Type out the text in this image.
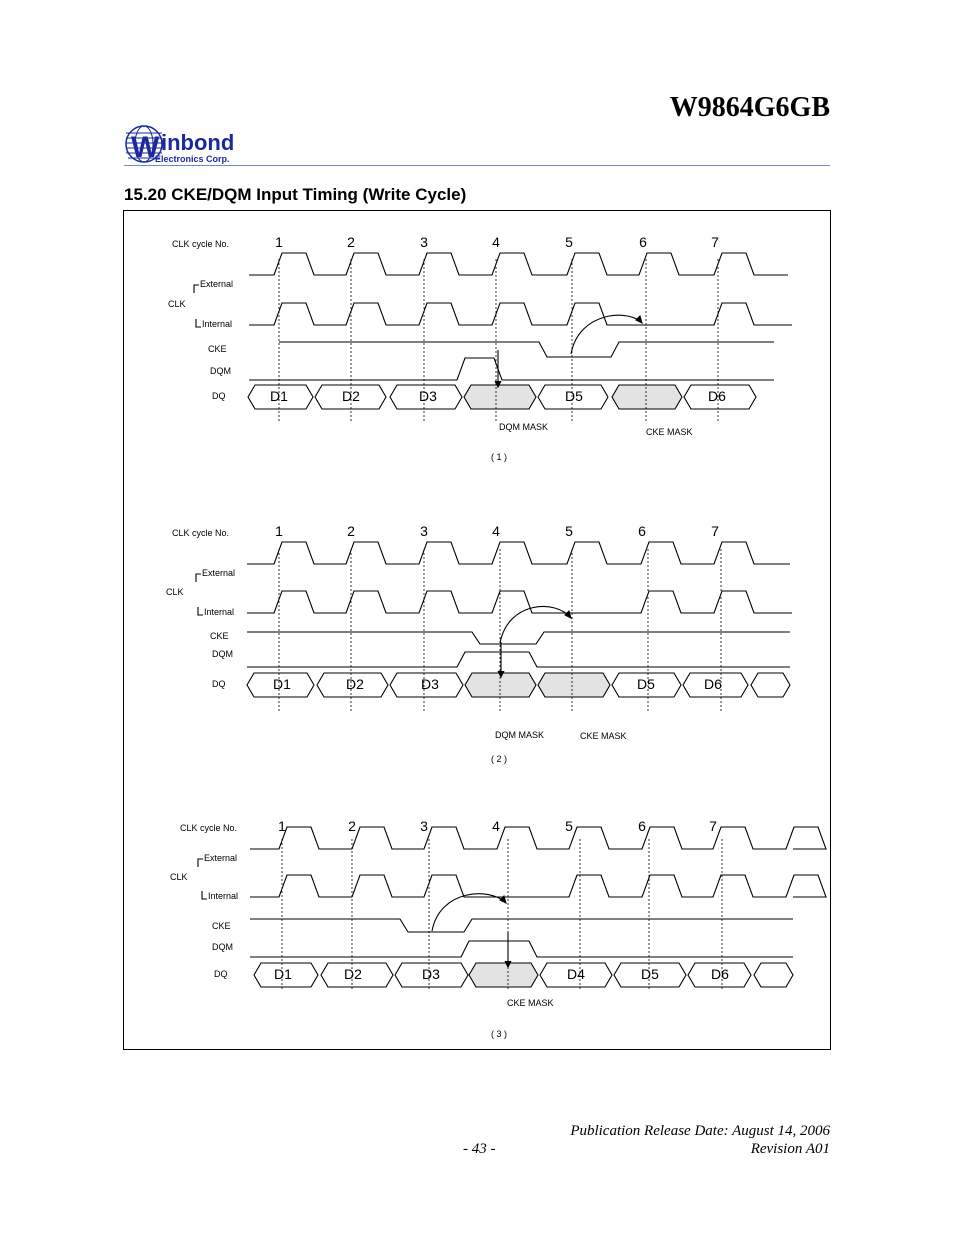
W9864G6GB
W inbond
Electronics Corp.
15.20 CKE/DQM Input Timing (Write Cycle)
CLK cycle No.	1	2	3	4	5	6	7
External
CLK
Internal
CKE
DQM
DQ	D1	D2	D3	D5	D6
DQM MASK	CKE MASK
( 1 )
CLK cycle No.	1	2	3	4	5	6	7
External
CLK
Internal
CKE
DQM
DQ	D1	D2	D3	D5	D6
DQM MASK	CKE MASK
( 2 )
CLK cycle No.	1	2	3	4	5	6	7
External
CLK
Internal
CKE
DQM
DQ	D1	D2	D3	D4	D5	D6
CKE MASK
( 3 )
Publication Release Date: August 14, 2006
- 43 -	Revision A01
